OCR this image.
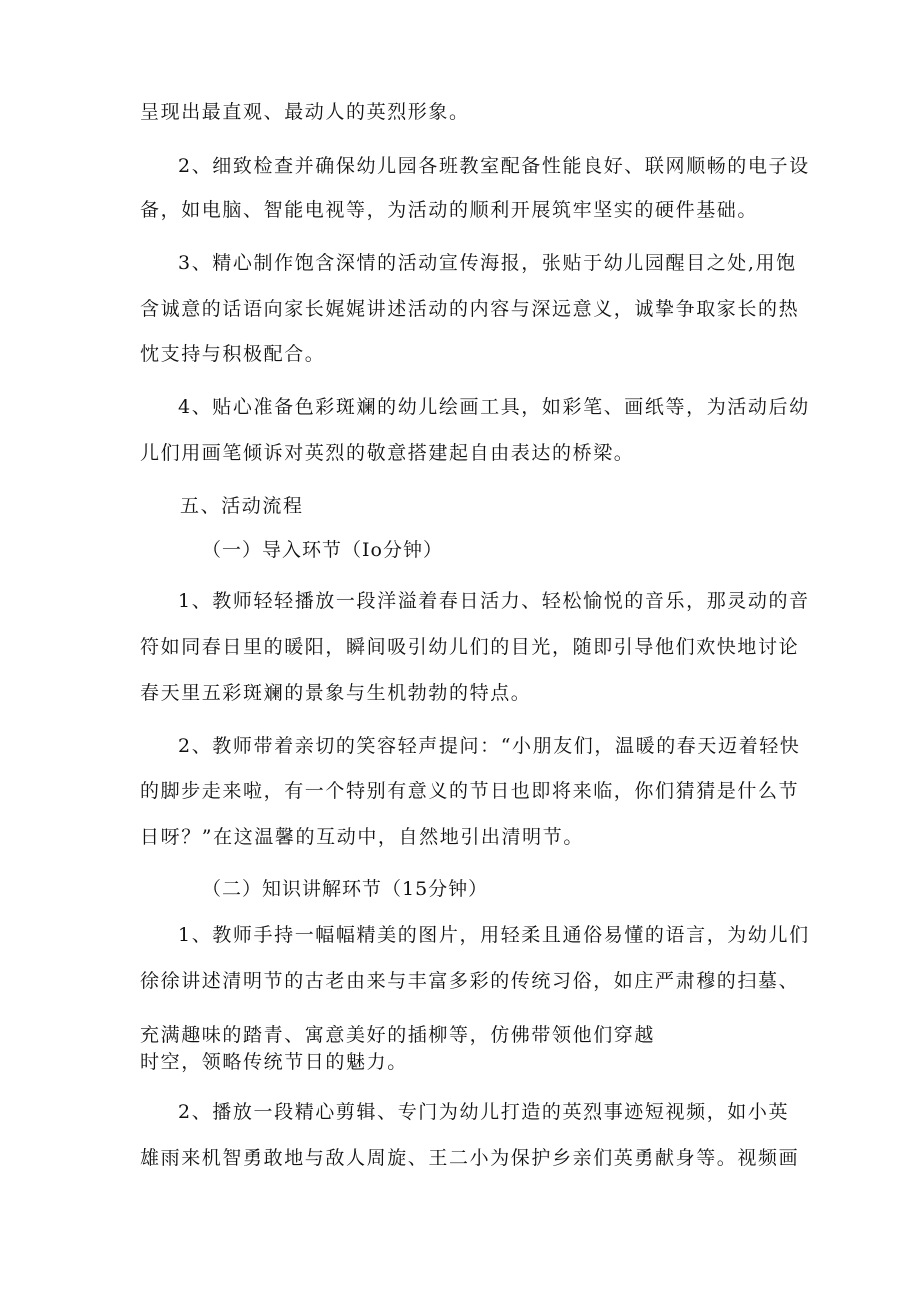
呈现出最直观、最动人的英烈形象。
2、细致检查并确保幼儿园各班教室配备性能良好、联网顺畅的电子设
备，如电脑、智能电视等，为活动的顺利开展筑牢坚实的硬件基础。
3、精心制作饱含深情的活动宣传海报，张贴于幼儿园醒目之处,用饱
含诚意的话语向家长娓娓讲述活动的内容与深远意义，诚挚争取家长的热
忱支持与积极配合。
4、贴心准备色彩斑斓的幼儿绘画工具，如彩笔、画纸等，为活动后幼
儿们用画笔倾诉对英烈的敬意搭建起自由表达的桥梁。
五、活动流程
（一）导入环节（Io分钟）
1、教师轻轻播放一段洋溢着春日活力、轻松愉悦的音乐，那灵动的音
符如同春日里的暖阳，瞬间吸引幼儿们的目光，随即引导他们欢快地讨论
春天里五彩斑斓的景象与生机勃勃的特点。
2、教师带着亲切的笑容轻声提问：“小朋友们，温暖的春天迈着轻快
的脚步走来啦，有一个特别有意义的节日也即将来临，你们猜猜是什么节
日呀？”在这温馨的互动中，自然地引出清明节。
（二）知识讲解环节（15分钟）
1、教师手持一幅幅精美的图片，用轻柔且通俗易懂的语言，为幼儿们
徐徐讲述清明节的古老由来与丰富多彩的传统习俗，如庄严肃穆的扫墓、
充满趣味的踏青、寓意美好的插柳等，仿佛带领他们穿越
时空，领略传统节日的魅力。
2、播放一段精心剪辑、专门为幼儿打造的英烈事迹短视频，如小英
雄雨来机智勇敢地与敌人周旋、王二小为保护乡亲们英勇献身等。视频画
